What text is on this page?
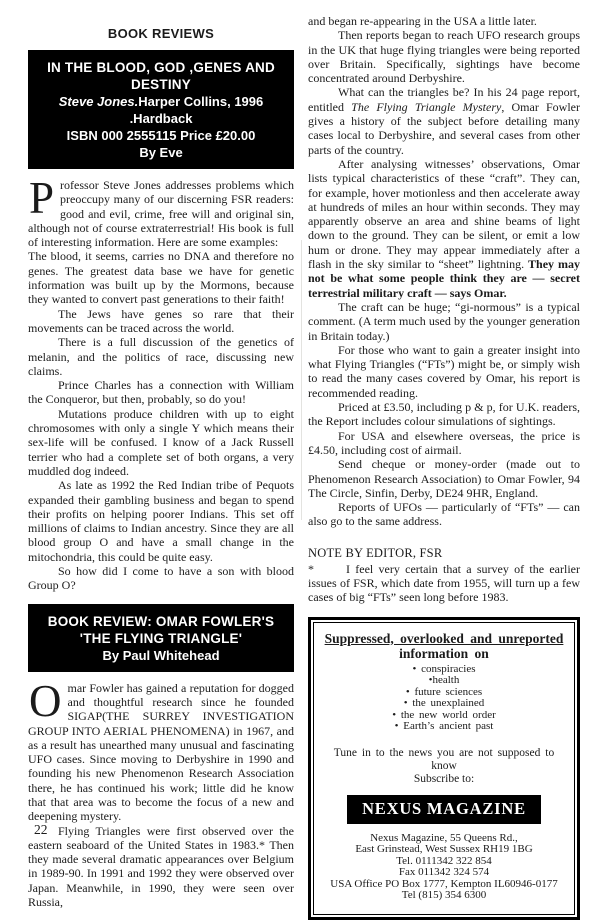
BOOK REVIEWS
IN THE BLOOD, GOD ,GENES AND DESTINY
Steve Jones.Harper Collins, 1996 .Hardback
ISBN 000 2555115 Price £20.00
By Eve

Professor Steve Jones addresses problems which preoccupy many of our discerning FSR readers: good and evil, crime, free will and original sin, although not of course extraterrestrial! His book is full of interesting information. Here are some examples:

The blood, it seems, carries no DNA and therefore no genes. The greatest data base we have for genetic information was built up by the Mormons, because they wanted to convert past generations to their faith!

The Jews have genes so rare that their movements can be traced across the world.

There is a full discussion of the genetics of melanin, and the politics of race, discussing new claims.

Prince Charles has a connection with William the Conqueror, but then, probably, so do you!

Mutations produce children with up to eight chromosomes with only a single Y which means their sex-life will be confused. I know of a Jack Russell terrier who had a complete set of both organs, a very muddled dog indeed.

As late as 1992 the Red Indian tribe of Pequots expanded their gambling business and began to spend their profits on helping poorer Indians. This set off millions of claims to Indian ancestry. Since they are all blood group O and have a small change in the mitochondria, this could be quite easy.

So how did I come to have a son with blood Group O?

BOOK REVIEW: OMAR FOWLER'S 'THE FLYING TRIANGLE'
By Paul Whitehead

Omar Fowler has gained a reputation for dogged and thoughtful research since he founded SIGAP(THE SURREY INVESTIGATION GROUP INTO AERIAL PHENOMENA) in 1967, and as a result has unearthed many unusual and fascinating UFO cases. Since moving to Derbyshire in 1990 and founding his new Phenomenon Research Association there, he has continued his work; little did he know that that area was to become the focus of a new and deepening mystery.

Flying Triangles were first observed over the eastern seaboard of the United States in 1983.* Then they made several dramatic appearances over Belgium in 1989-90. In 1991 and 1992 they were observed over Japan. Meanwhile, in 1990, they were seen over Russia,

and began re-appearing in the USA a little later.

Then reports began to reach UFO research groups in the UK that huge flying triangles were being reported over Britain. Specifically, sightings have become concentrated around Derbyshire.

What can the triangles be? In his 24 page report, entitled The Flying Triangle Mystery, Omar Fowler gives a history of the subject before detailing many cases local to Derbyshire, and several cases from other parts of the country.

After analysing witnesses’ observations, Omar lists typical characteristics of these “craft”. They can, for example, hover motionless and then accelerate away at hundreds of miles an hour within seconds. They may apparently observe an area and shine beams of light down to the ground. They can be silent, or emit a low hum or drone. They may appear immediately after a flash in the sky similar to “sheet” lightning. They may not be what some people think they are — secret terrestrial military craft — says Omar.

The craft can be huge; “gi-normous” is a typical comment. (A term much used by the younger generation in Britain today.)

For those who want to gain a greater insight into what Flying Triangles (“FTs”) might be, or simply wish to read the many cases covered by Omar, his report is recommended reading.

Priced at £3.50, including p & p, for U.K. readers, the Report includes colour simulations of sightings.

For USA and elsewhere overseas, the price is £4.50, including cost of airmail.

Send cheque or money-order (made out to Phenomenon Research Association) to Omar Fowler, 94 The Circle, Sinfin, Derby, DE24 9HR, England.

Reports of UFOs — particularly of “FTs” — can also go to the same address.

NOTE BY EDITOR, FSR
*	I feel very certain that a survey of the earlier issues of FSR, which date from 1955, will turn up a few cases of big “FTs” seen long before 1983.
Suppressed, overlooked and unreported
information on
• conspiracies
•health
• future sciences
• the unexplained
• the new world order
• Earth’s ancient past
Tune in to the news you are not supposed to know
Subscribe to:
NEXUS MAGAZINE
Nexus Magazine, 55 Queens Rd.,
East Grinstead, West Sussex RH19 1BG
Tel. 0111342 322 854
Fax 011342 324 574
USA Office PO Box 1777, Kempton IL60946-0177
Tel (815) 354 6300
22
